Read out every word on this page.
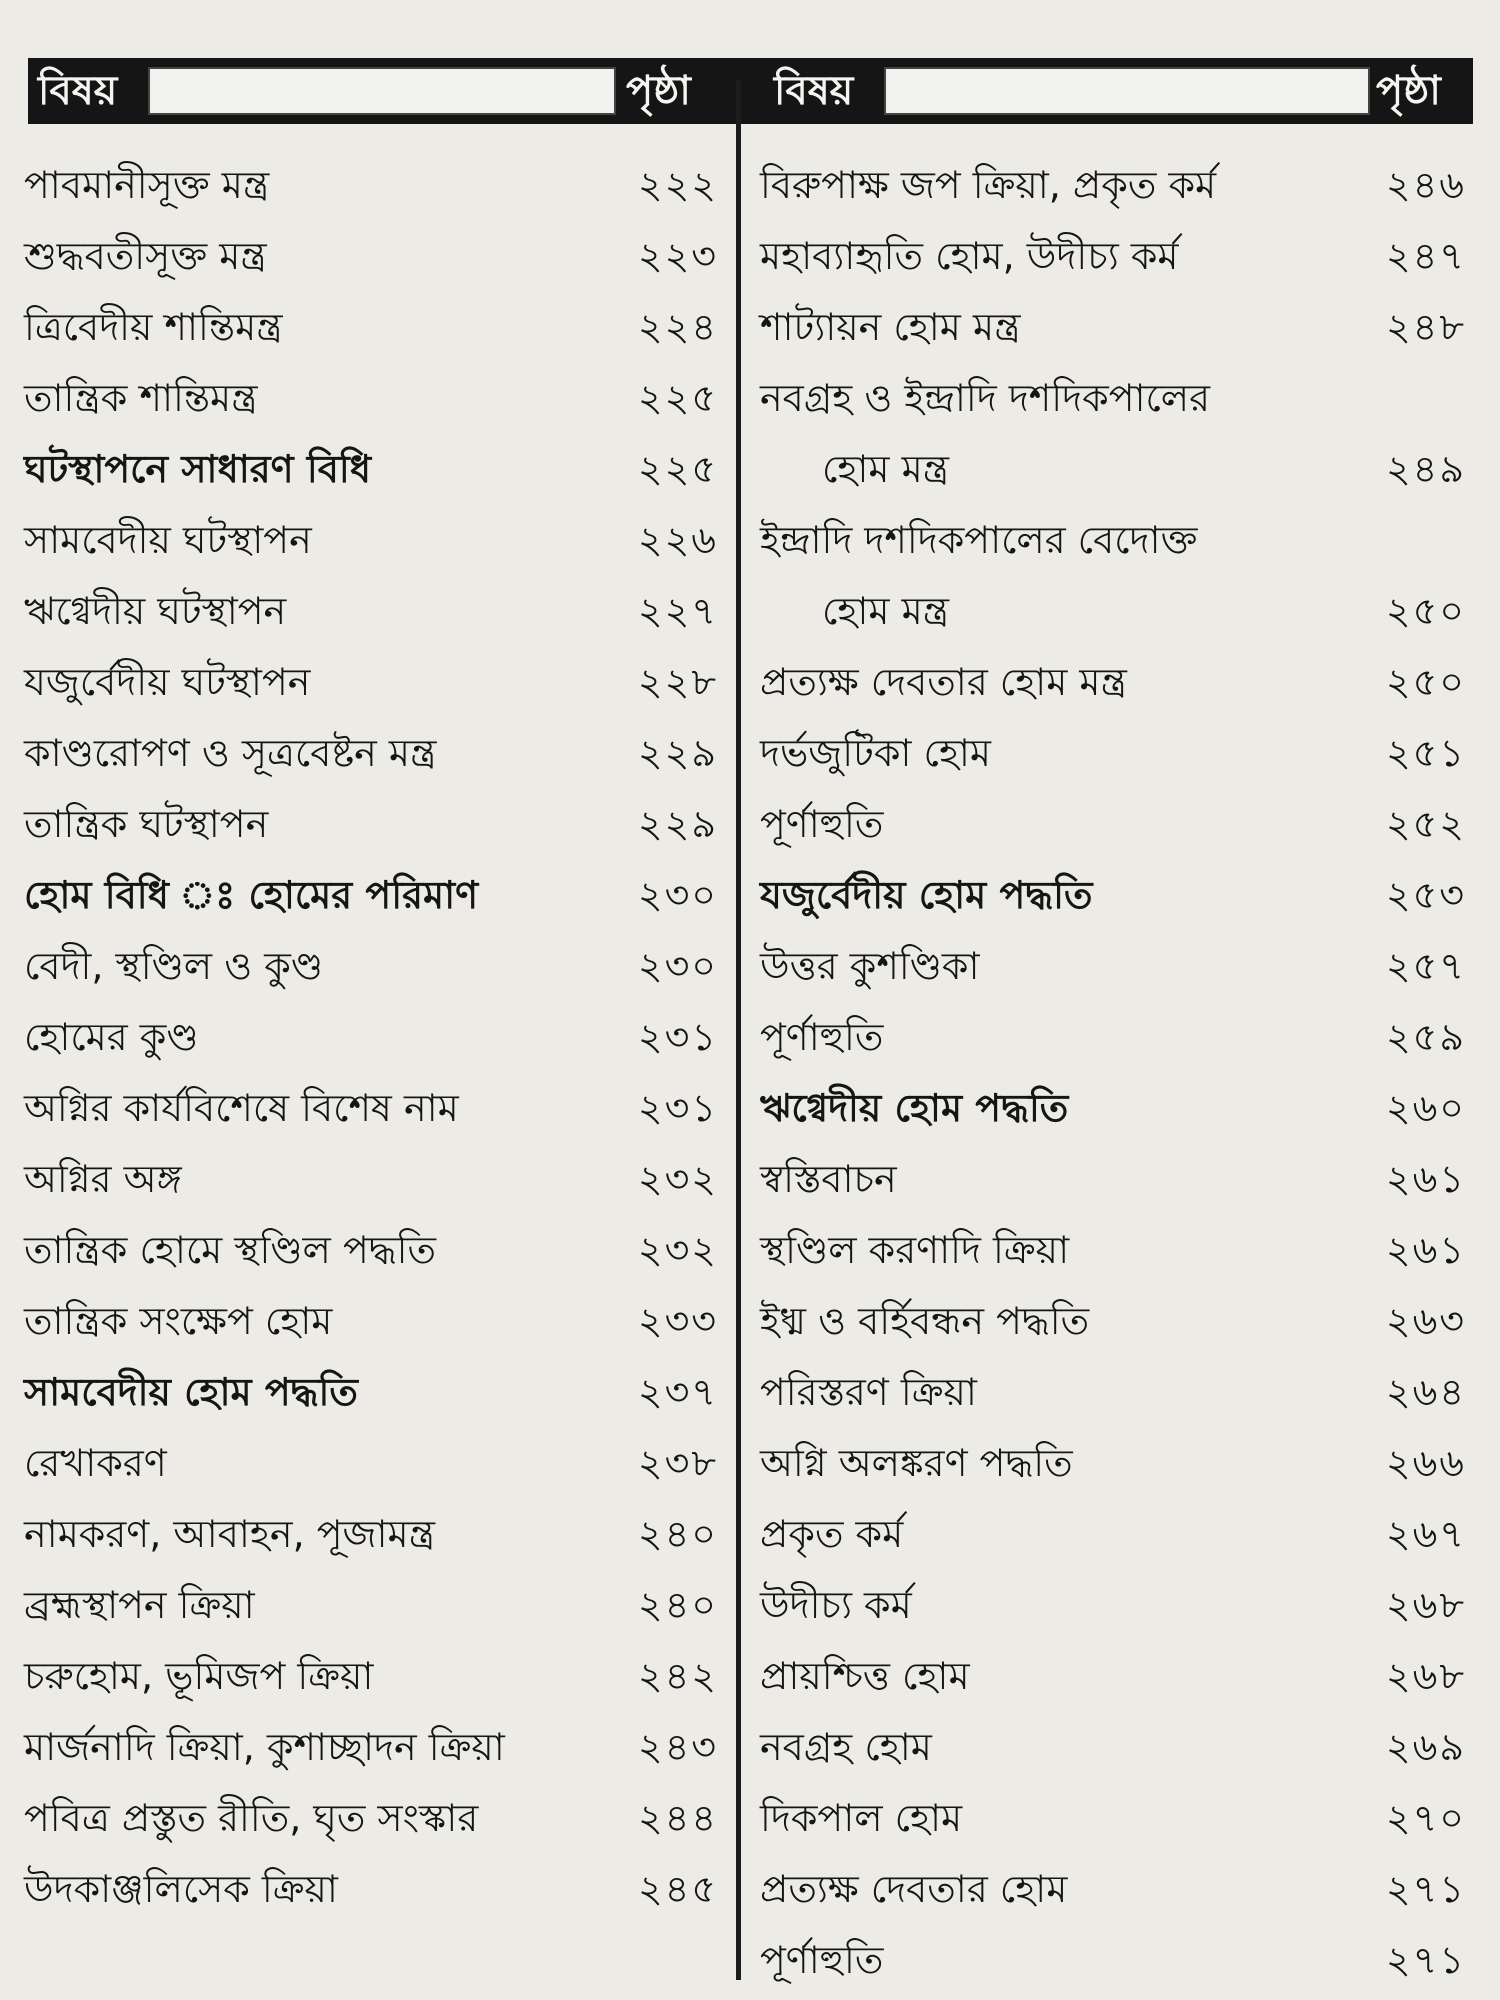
বিষয়	পৃষ্ঠা বিষয়	পৃষ্ঠা
পাবমানীসূক্ত মন্ত্র	২২২
শুদ্ধবতীসূক্ত মন্ত্র	২২৩
ত্রিবেদীয় শান্তিমন্ত্র	২২৪
তান্ত্রিক শান্তিমন্ত্র	২২৫
ঘটস্থাপনে সাধারণ বিধি	২২৫
সামবেদীয় ঘটস্থাপন	২২৬
ঋগ্বেদীয় ঘটস্থাপন	২২৭
যজুর্বেদীয় ঘটস্থাপন	২২৮
কাণ্ডরোপণ ও সূত্রবেষ্টন মন্ত্র	২২৯
তান্ত্রিক ঘটস্থাপন	২২৯
হোম বিধি ঃ হোমের পরিমাণ	২৩০
বেদী, স্থণ্ডিল ও কুণ্ড	২৩০
হোমের কুণ্ড	২৩১
অগ্নির কার্যবিশেষে বিশেষ নাম	২৩১
অগ্নির অঙ্গ	২৩২
তান্ত্রিক হোমে স্থণ্ডিল পদ্ধতি	২৩২
তান্ত্রিক সংক্ষেপ হোম	২৩৩
সামবেদীয় হোম পদ্ধতি	২৩৭
রেখাকরণ	২৩৮
নামকরণ, আবাহন, পূজামন্ত্র	২৪০
ব্রহ্মস্থাপন ক্রিয়া	২৪০
চরুহোম, ভূমিজপ ক্রিয়া	২৪২
মার্জনাদি ক্রিয়া, কুশাচ্ছাদন ক্রিয়া	২৪৩
পবিত্র প্রস্তুত রীতি, ঘৃত সংস্কার	২৪৪
উদকাঞ্জলিসেক ক্রিয়া	২৪৫
বিরুপাক্ষ জপ ক্রিয়া, প্রকৃত কর্ম	২৪৬
মহাব্যাহৃতি হোম, উদীচ্য কর্ম	২৪৭
শাট্যায়ন হোম মন্ত্র	২৪৮
নবগ্রহ ও ইন্দ্রাদি দশদিকপালের
হোম মন্ত্র	২৪৯
ইন্দ্রাদি দশদিকপালের বেদোক্ত
হোম মন্ত্র	২৫০
প্রত্যক্ষ দেবতার হোম মন্ত্র	২৫০
দর্ভজুটিকা হোম	২৫১
পূর্ণাহুতি	২৫২
যজুর্বেদীয় হোম পদ্ধতি	২৫৩
উত্তর কুশণ্ডিকা	২৫৭
পূর্ণাহুতি	২৫৯
ঋগ্বেদীয় হোম পদ্ধতি	২৬০
স্বস্তিবাচন	২৬১
স্থণ্ডিল করণাদি ক্রিয়া	২৬১
ইধ্ম ও বর্হিবন্ধন পদ্ধতি	২৬৩
পরিস্তরণ ক্রিয়া	২৬৪
অগ্নি অলঙ্করণ পদ্ধতি	২৬৬
প্রকৃত কর্ম	২৬৭
উদীচ্য কর্ম	২৬৮
প্রায়শ্চিত্ত হোম	২৬৮
নবগ্রহ হোম	২৬৯
দিকপাল হোম	২৭০
প্রত্যক্ষ দেবতার হোম	২৭১
পূর্ণাহুতি	২৭১
